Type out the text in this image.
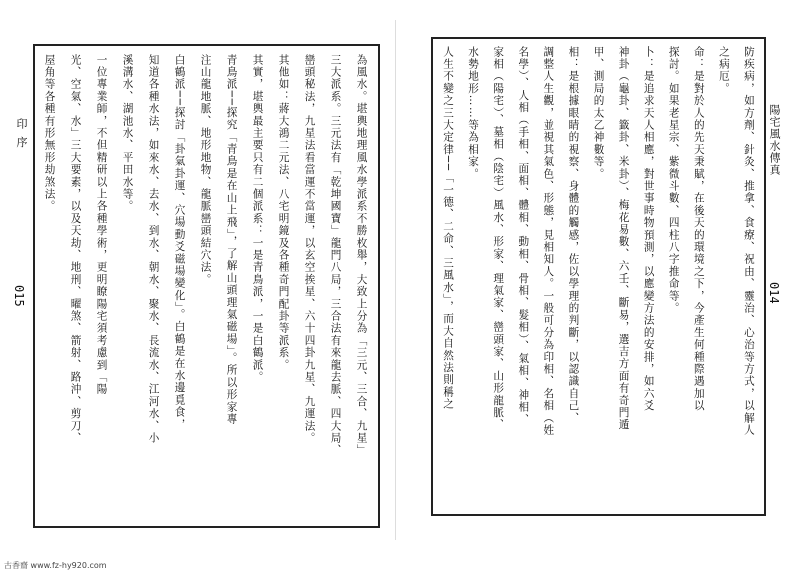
印 序
015	為風水。堪輿地理風水學派系不勝枚舉，大致上分為「三元、三合、九星」
三大派系。三元法有「乾坤國寶」龍門八局，三合法有來龍去脈、四大局、
巒頭秘法，九星法看當運不當運，以玄空挨星、六十四卦九星、九運法。
其他如：蔣大鴻二元法、八宅明鏡及各種奇門配卦等派系。
其實，堪輿最主要只有二個派系：一是青鳥派，一是白鶴派。
青鳥派──探究「青鳥是在山上飛」，了解山頭理氣磁場」。所以形家專
注山龍地脈、地形地物、龍脈巒頭結穴法。
白鶴派──探討「卦氣卦運、穴場動爻磁場變化」。白鶴是在水邊覓食，
知道各種水法，如來水、去水、到水、朝水、聚水、長流水、江河水、小
溪溝水、湖池水、平田水等。
一位專業師，不但精研以上各種學術，更明瞭陽宅須考慮到「陽
光、空氣、水」三大要素，以及天劫、地刑、曜煞、箭射、路沖、剪刀、
屋角等各種有形無形劫煞法。	防疾病，如方劑、針灸、推拿、食療、祝由、靈治、心治等方式，以解人
之病厄。
命：是對於人的先天秉賦，在後天的環境之下，今產生何種際遇加以
探討。如果老星宗、紫微斗數、四柱八字推命等。
卜：是追求天人相應，對世事時物預測，以應變方法的安排，如六爻
神卦（龜卦、籤卦、米卦）、梅花易數、六壬、斷易，選吉方面有奇門遁
甲、測局的太乙神數等。
相：是根據眼睛的視察、身體的觸感，佐以學理的判斷，以認識自己、
調整人生觀，並視其氣色、形態，見相知人。一般可分為印相、名相（姓
名學）、人相（手相、面相、體相、動相、骨相、髮相）、氣相、神相、
家相（陽宅）、墓相（陰宅）風水、形家、理氣家、巒頭家、山形龍脈、
水勢地形……等為相家。
人生不變之三大定律──「一德、二命、三風水」，而大自然法則稱之	陽宅風水傳真
014
古香齋 www.fz-hy920.com
